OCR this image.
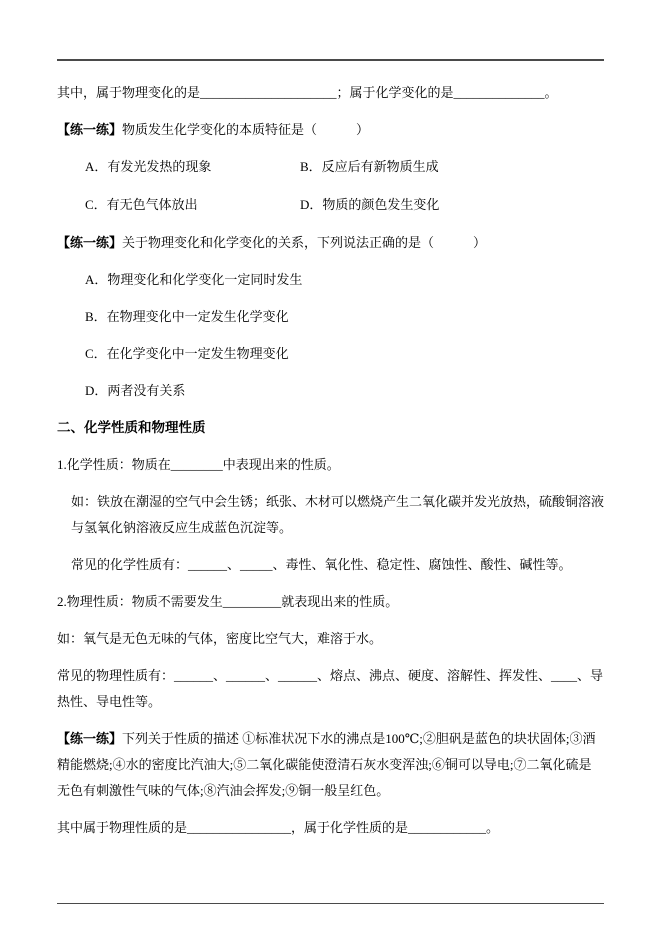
其中，属于物理变化的是_____________________；属于化学变化的是______________。

【练一练】物质发生化学变化的本质特征是（　　　）

A．有发光发热的现象	B．反应后有新物质生成
C．有无色气体放出	D．物质的颜色发生变化

【练一练】关于物理变化和化学变化的关系，下列说法正确的是（　　　）

A．物理变化和化学变化一定同时发生

B．在物理变化中一定发生化学变化

C．在化学变化中一定发生物理变化

D．两者没有关系

二、化学性质和物理性质

1.化学性质：物质在________中表现出来的性质。

如：铁放在潮湿的空气中会生锈；纸张、木材可以燃烧产生二氧化碳并发光放热，硫酸铜溶液与氢氧化钠溶液反应生成蓝色沉淀等。

常见的化学性质有：______、_____、毒性、氧化性、稳定性、腐蚀性、酸性、碱性等。

2.物理性质：物质不需要发生_________就表现出来的性质。

如：氧气是无色无味的气体，密度比空气大，难溶于水。

常见的物理性质有：______、______、______、熔点、沸点、硬度、溶解性、挥发性、____、导热性、导电性等。

【练一练】下列关于性质的描述 ①标准状况下水的沸点是100℃;②胆矾是蓝色的块状固体;③酒精能燃烧;④水的密度比汽油大;⑤二氧化碳能使澄清石灰水变浑浊;⑥铜可以导电;⑦二氧化硫是无色有刺激性气味的气体;⑧汽油会挥发;⑨铜一般呈红色。

其中属于物理性质的是________________，属于化学性质的是____________。
